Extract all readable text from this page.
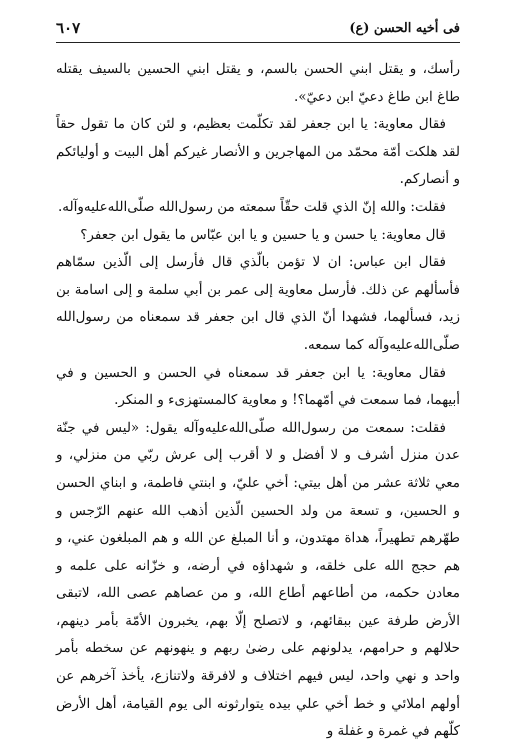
فى أخيه الحسن (ع)
٦٠٧

رأسك، و يقتل ابني الحسن بالسم، و يقتل ابني الحسين بالسيف يقتله طاغ ابن طاغ دعيّ ابن دعيّ».

فقال معاوية: يا ابن جعفر لقد تكلّمت بعظيم، و لئن كان ما تقول حقاً لقد هلكت أمّة محمّد من المهاجرين و الأنصار غيركم أهل البيت و أوليائكم و أنصاركم.

فقلت: والله إنّ الذي قلت حقّاً سمعته من رسول‌الله صلّى‌الله‌عليه‌وآله.

قال معاوية: يا حسن و يا حسين و يا ابن عبّاس ما يقول ابن جعفر؟

فقال ابن عباس: ان لا تؤمن بالّذي قال فأرسل إلى الّذين سمّاهم فأسألهم عن ذلك. فأرسل معاوية إلى عمر بن أبي سلمة و إلى اسامة بن زيد، فسألهما، فشهدا أنّ الذي قال ابن جعفر قد سمعناه من رسول‌الله صلّى‌الله‌عليه‌وآله كما سمعه.

فقال معاوية: يا ابن جعفر قد سمعناه في الحسن و الحسين و في أبيهما، فما سمعت في أمّهما؟! و معاوية كالمستهزىء و المنكر.

فقلت: سمعت من رسول‌الله صلّى‌الله‌عليه‌وآله يقول: «ليس في جنّة عدن منزل أشرف و لا أفضل و لا أقرب إلى عرش ربّي من منزلي، و معي ثلاثة عشر من أهل بيتي: أخي عليّ، و ابنتي فاطمة، و ابناي الحسن و الحسين، و تسعة من ولد الحسين الّذين أذهب الله عنهم الرّجس و طهّرهم تطهيراً، هداة مهتدون، و أنا المبلغ عن الله و هم المبلغون عني، و هم حجج الله على خلقه، و شهداؤه في أرضه، و خزّانه على علمه و معادن حكمه، من أطاعهم أطاع الله، و من عصاهم عصى الله، لاتبقى الأرض طرفة عين ببقائهم، و لاتصلح إلّا بهم، يخبرون الأمّة بأمر دينهم، حلالهم و حرامهم، يدلونهم على رضىٰ ربهم و ينهونهم عن سخطه بأمر واحد و نهي واحد، ليس فيهم اختلاف و لافرقة ولاتنازع، يأخذ آخرهم عن أولهم املائي و خط أخي علي بيده يتوارثونه الى يوم القيامة، أهل الأرض كلّهم في غمرة و غفلة و
